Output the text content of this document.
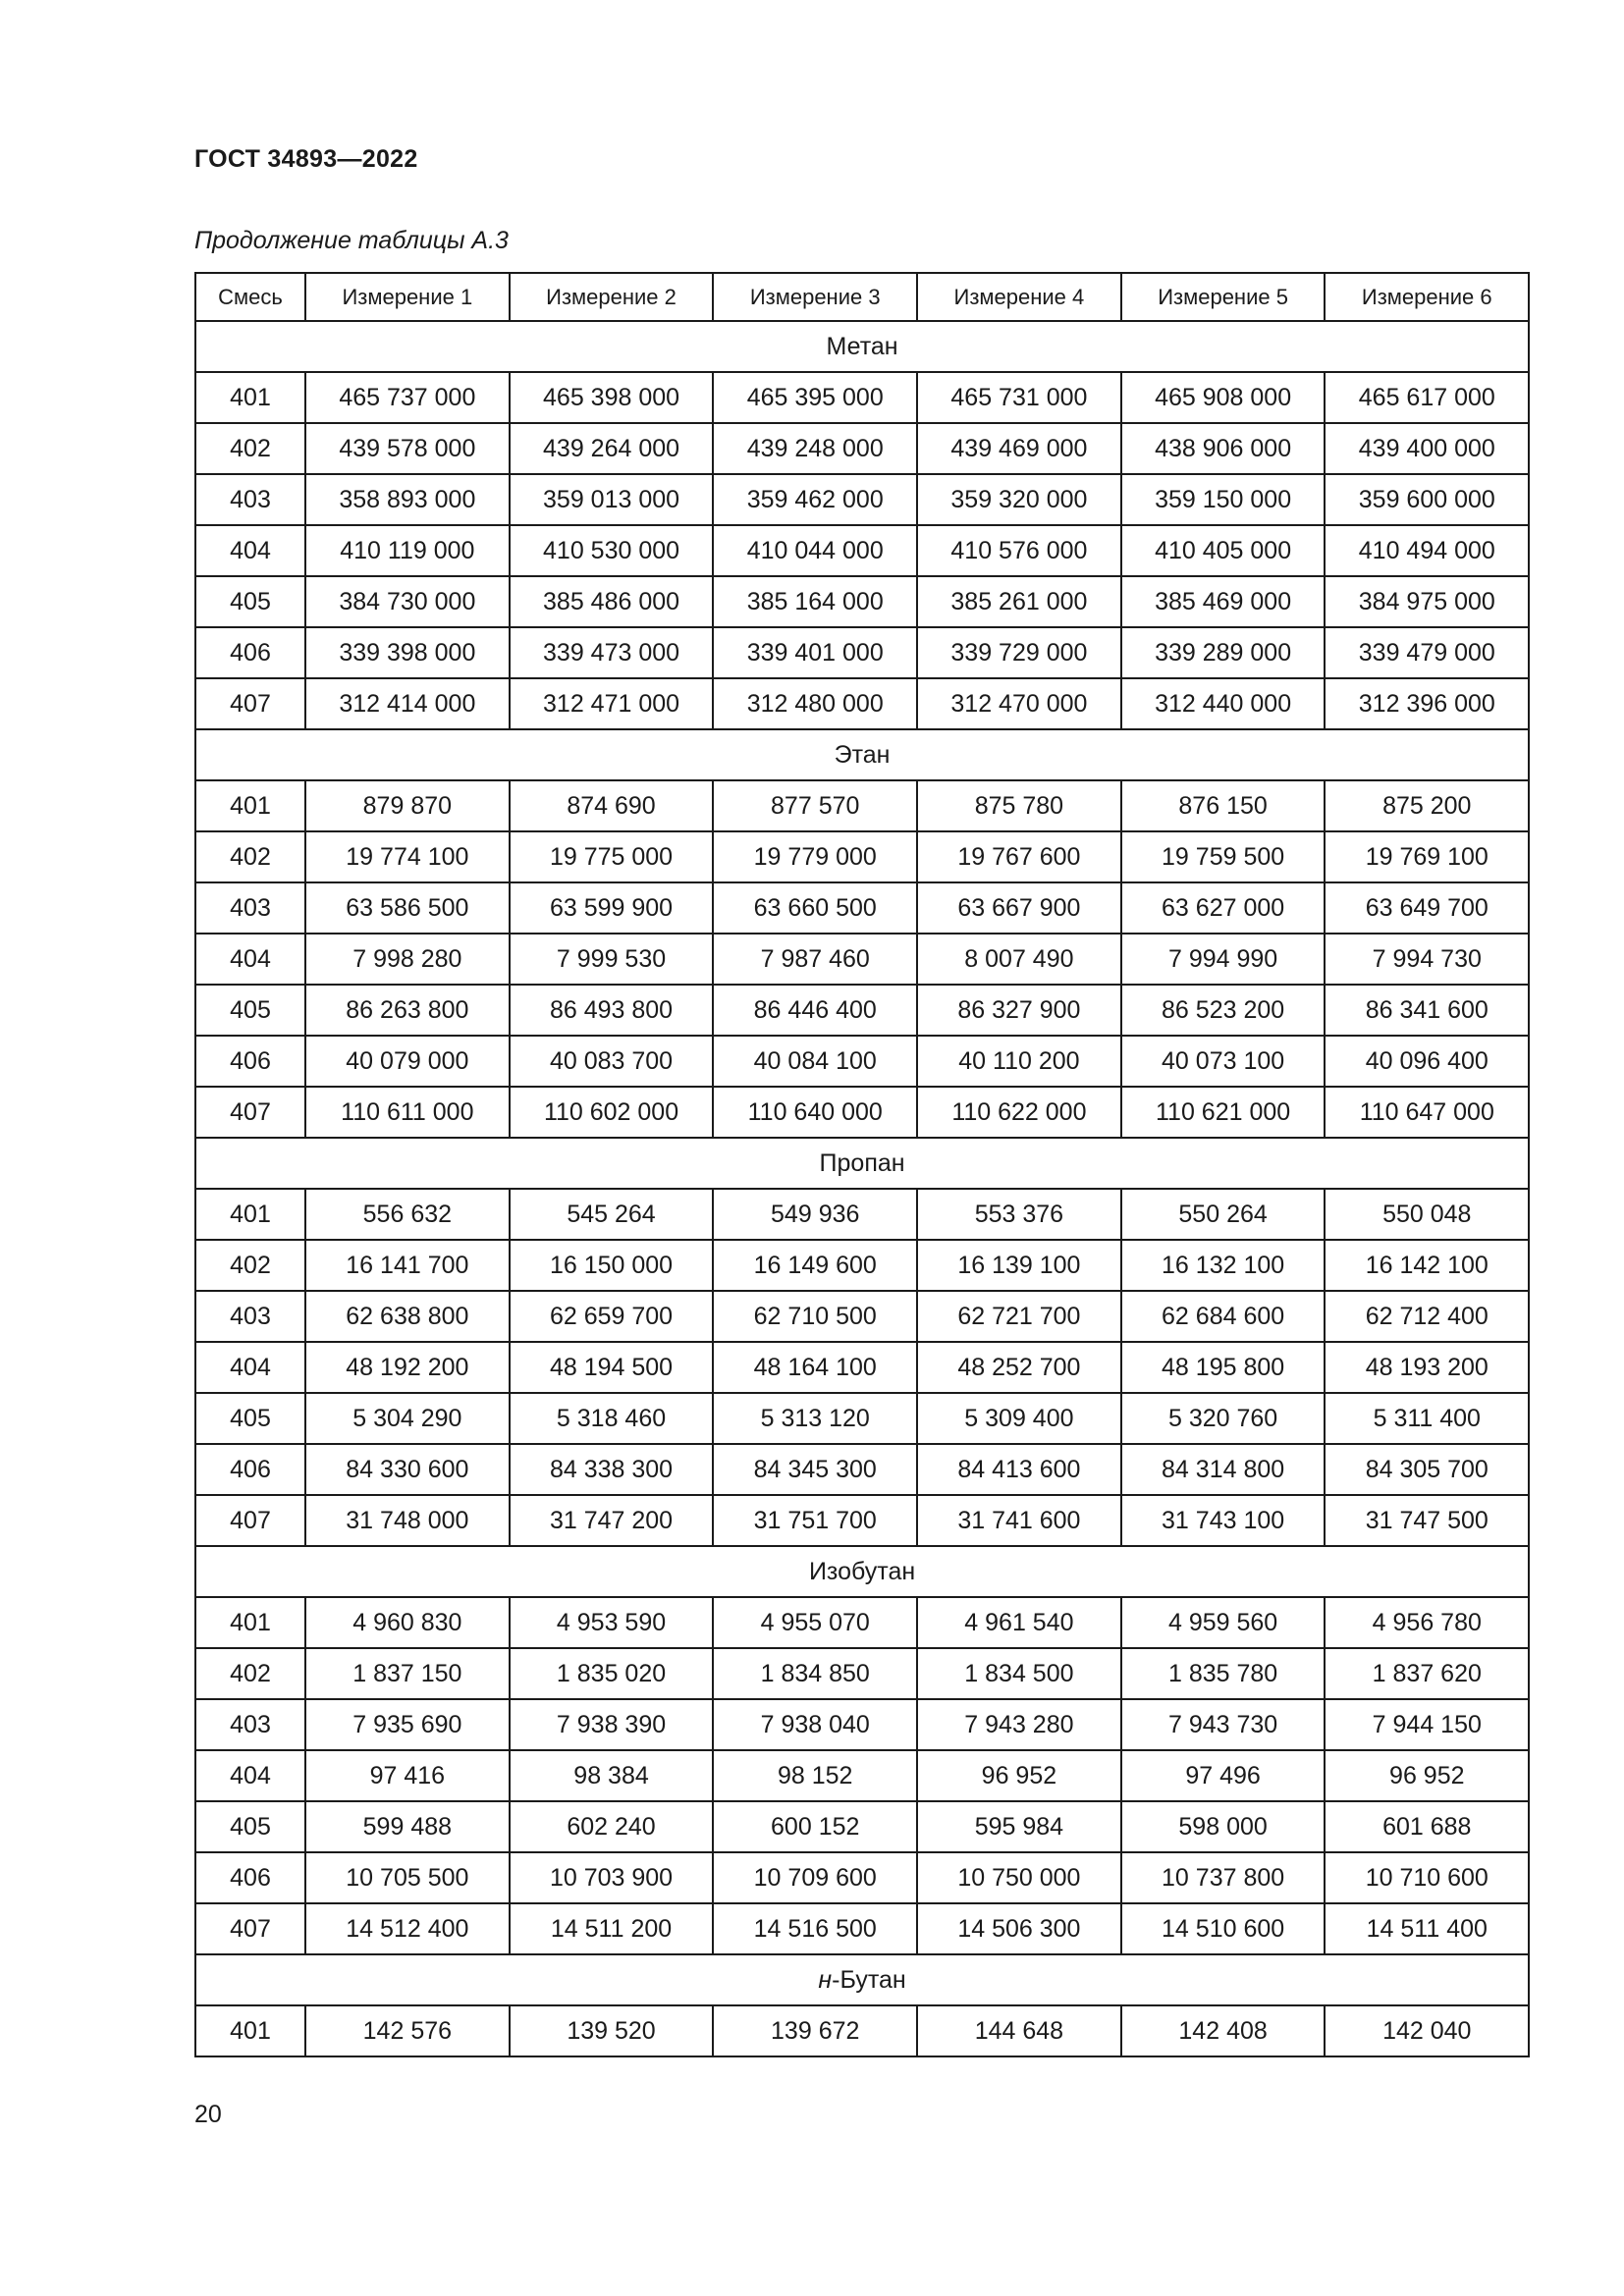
ГОСТ 34893—2022
Продолжение таблицы А.3
Смесь	Измерение 1	Измерение 2	Измерение 3	Измерение 4	Измерение 5	Измерение 6
Метан						
401	465 737 000	465 398 000	465 395 000	465 731 000	465 908 000	465 617 000
402	439 578 000	439 264 000	439 248 000	439 469 000	438 906 000	439 400 000
403	358 893 000	359 013 000	359 462 000	359 320 000	359 150 000	359 600 000
404	410 119 000	410 530 000	410 044 000	410 576 000	410 405 000	410 494 000
405	384 730 000	385 486 000	385 164 000	385 261 000	385 469 000	384 975 000
406	339 398 000	339 473 000	339 401 000	339 729 000	339 289 000	339 479 000
407	312 414 000	312 471 000	312 480 000	312 470 000	312 440 000	312 396 000
Этан						
401	879 870	874 690	877 570	875 780	876 150	875 200
402	19 774 100	19 775 000	19 779 000	19 767 600	19 759 500	19 769 100
403	63 586 500	63 599 900	63 660 500	63 667 900	63 627 000	63 649 700
404	7 998 280	7 999 530	7 987 460	8 007 490	7 994 990	7 994 730
405	86 263 800	86 493 800	86 446 400	86 327 900	86 523 200	86 341 600
406	40 079 000	40 083 700	40 084 100	40 110 200	40 073 100	40 096 400
407	110 611 000	110 602 000	110 640 000	110 622 000	110 621 000	110 647 000
Пропан						
401	556 632	545 264	549 936	553 376	550 264	550 048
402	16 141 700	16 150 000	16 149 600	16 139 100	16 132 100	16 142 100
403	62 638 800	62 659 700	62 710 500	62 721 700	62 684 600	62 712 400
404	48 192 200	48 194 500	48 164 100	48 252 700	48 195 800	48 193 200
405	5 304 290	5 318 460	5 313 120	5 309 400	5 320 760	5 311 400
406	84 330 600	84 338 300	84 345 300	84 413 600	84 314 800	84 305 700
407	31 748 000	31 747 200	31 751 700	31 741 600	31 743 100	31 747 500
Изобутан						
401	4 960 830	4 953 590	4 955 070	4 961 540	4 959 560	4 956 780
402	1 837 150	1 835 020	1 834 850	1 834 500	1 835 780	1 837 620
403	7 935 690	7 938 390	7 938 040	7 943 280	7 943 730	7 944 150
404	97 416	98 384	98 152	96 952	97 496	96 952
405	599 488	602 240	600 152	595 984	598 000	601 688
406	10 705 500	10 703 900	10 709 600	10 750 000	10 737 800	10 710 600
407	14 512 400	14 511 200	14 516 500	14 506 300	14 510 600	14 511 400
н-Бутан						
401	142 576	139 520	139 672	144 648	142 408	142 040
20
